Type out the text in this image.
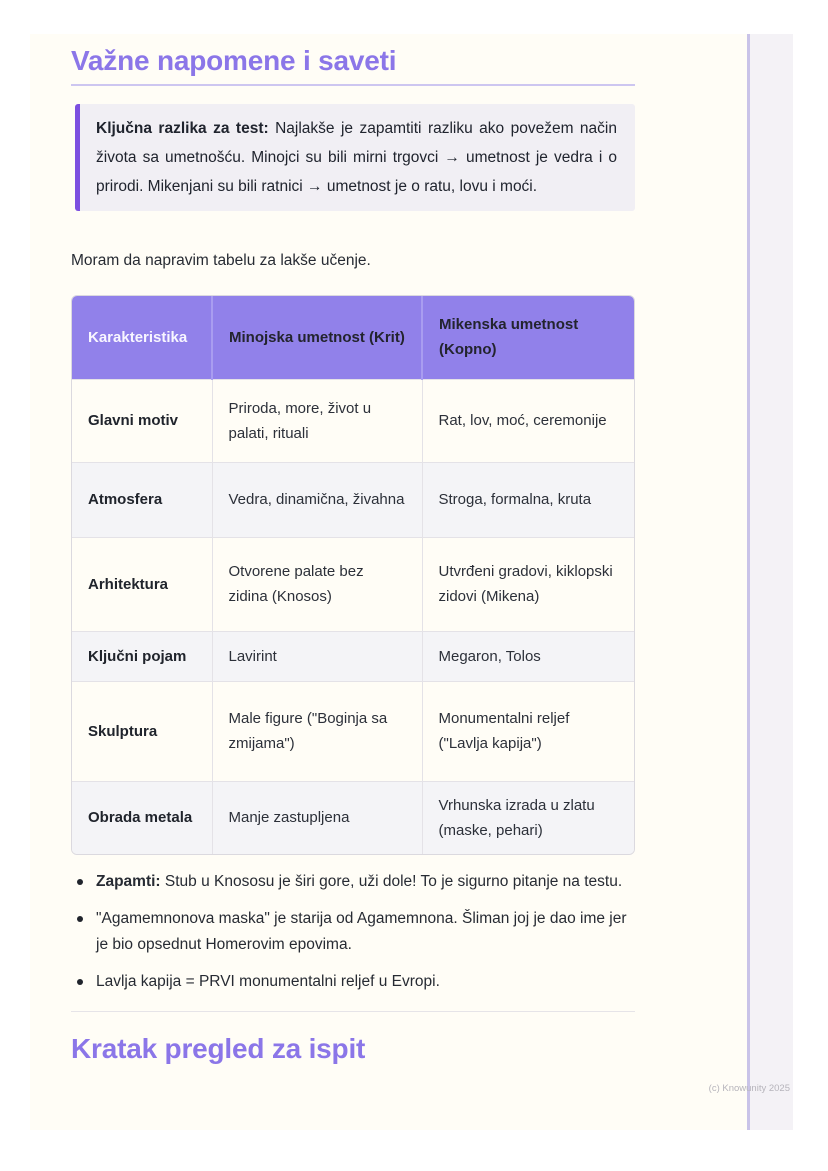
Važne napomene i saveti
Ključna razlika za test: Najlakše je zapamtiti razliku ako povežem način života sa umetnošću. Minojci su bili mirni trgovci → umetnost je vedra i o prirodi. Mikenjani su bili ratnici → umetnost je o ratu, lovu i moći.

Moram da napravim tabelu za lakše učenje.

Karakteristika	Minojska umetnost (Krit)	Mikenska umetnost (Kopno)
Glavni motiv	Priroda, more, život u palati, rituali	Rat, lov, moć, ceremonije
Atmosfera	Vedra, dinamična, živahna	Stroga, formalna, kruta
Arhitektura	Otvorene palate bez zidina (Knosos)	Utvrđeni gradovi, kiklopski zidovi (Mikena)
Ključni pojam	Lavirint	Megaron, Tolos
Skulptura	Male figure ("Boginja sa zmijama")	Monumentalni reljef ("Lavlja kapija")
Obrada metala	Manje zastupljena	Vrhunska izrada u zlatu (maske, pehari)
Zapamti: Stub u Knososu je širi gore, uži dole! To je sigurno pitanje na testu.
"Agamemnonova maska" je starija od Agamemnona. Šliman joj je dao ime jer je bio opsednut Homerovim epovima.
Lavlja kapija = PRVI monumentalni reljef u Evropi.
Kratak pregled za ispit
(c) Knowunity 2025
